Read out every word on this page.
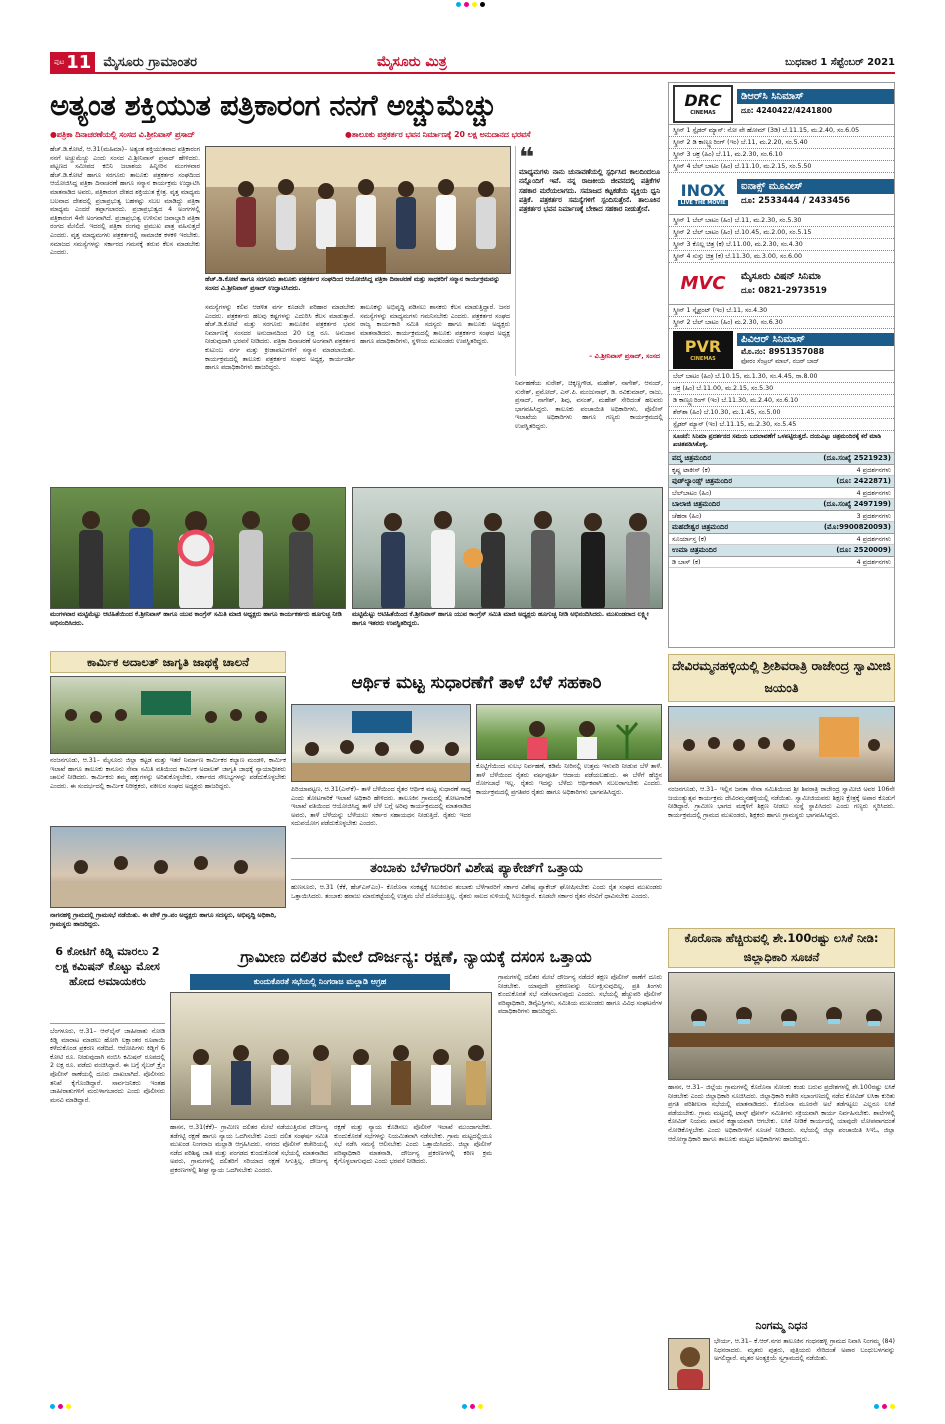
ಪುಟ 11 ಮೈಸೂರು ಗ್ರಾಮಾಂತರ	ಮೈಸೂರು ಮಿತ್ರ	ಬುಧವಾರ 1 ಸೆಪ್ಟೆಂಬರ್ 2021
ಅತ್ಯಂತ ಶಕ್ತಿಯುತ ಪತ್ರಿಕಾರಂಗ ನನಗೆ ಅಚ್ಚುಮೆಚ್ಚು
●ಪತ್ರಿಕಾ ದಿನಾಚರಣೆಯಲ್ಲಿ ಸಂಸದ ವಿ.ಶ್ರೀನಿವಾಸ್ ಪ್ರಸಾದ್	●ತಾಲೂಕು ಪತ್ರಕರ್ತರ ಭವನ ನಿರ್ಮಾಣಕ್ಕೆ 20 ಲಕ್ಷ ಅನುದಾನದ ಭರವಸೆ
ಹೆಚ್.ಡಿ.ಕೋಟೆ, ಆ.31(ಮಹಿಮಾ)– ಅತ್ಯಂತ ಶಕ್ತಿಯುತವಾದ ಪತ್ರಿಕಾರಂಗ ನನಗೆ ಅಚ್ಚುಮೆಚ್ಚು ಎಂದು ಸಂಸದ ವಿ.ಶ್ರೀನಿವಾಸ್ ಪ್ರಸಾದ್ ಹೇಳಿದರು. ಪಟ್ಟಣದ ಸಮೀಪದ ಕಬಿನಿ ಜಲಾಶಯ ಹಿನ್ನೀರಿನ ಮಂಗಳವಾರ ಹೆಚ್.ಡಿ.ಕೋಟೆ ಹಾಗೂ ಸರಗೂರು ತಾಲೂಕು ಪತ್ರಕರ್ತರ ಸಂಘದಿಂದ ಆಯೋಜಿಸಿದ್ದ ಪತ್ರಿಕಾ ದಿನಾಚರಣೆ ಹಾಗೂ ಸನ್ಮಾನ ಕಾರ್ಯಕ್ರಮ ಉದ್ಘಾಟಿಸಿ ಮಾತನಾಡಿದ ಅವರು, ಪತ್ರಿಕಾರಂಗ ದೇಶದ ಶಕ್ತಿಯುತ ಕ್ಷೇತ್ರ. ವೃತ್ತ ಮಾಧ್ಯಮ ಬಲವಾದ ದೇಶದಲ್ಲಿ ಪ್ರಜಾಪ್ರಭುತ್ವ ಬಹಳಷ್ಟು ಸಬಲ ಮಾಡಿದ್ದು ಪತ್ರಿಕಾ ಮಾಧ್ಯಮ ಎಂದರೆ ತಪ್ಪಾಗಲಾರದು. ಪ್ರಜಾಪ್ರಭುತ್ವದ 4 ಅಂಗಗಳಲ್ಲಿ ಪತ್ರಿಕಾರಂಗ 4ನೇ ಅಂಗವಾಗಿದೆ. ಪ್ರಜಾಪ್ರಭುತ್ವ ಉಳಿಸುವ ಜವಾಬ್ದಾರಿ ಪತ್ರಿಕಾ ರಂಗದ ಮೇಲಿದೆ. ಇದರಲ್ಲಿ ಪತ್ರಿಕಾ ರಂಗವು ಪ್ರಮುಖ ಪಾತ್ರ ವಹಿಸುತ್ತದೆ ಎಂದರು. ವೃತ್ತ ಮಾಧ್ಯಮಗಳು ಪತ್ರಕರ್ತರಲ್ಲಿ ಸಾಮಾಜಿಕ ಕಳಕಳಿ ಇರಬೇಕು. ಸಮಾಜದ ಸಮಸ್ಯೆಗಳನ್ನು ಸರ್ಕಾರದ ಗಮನಕ್ಕೆ ತರುವ ಕೆಲಸ ಮಾಡಬೇಕು ಎಂದರು.
ಹೆಚ್.ಡಿ.ಕೋಟೆ ಹಾಗೂ ಸರಗೂರು ತಾಲೂಕು ಪತ್ರಕರ್ತರ ಸಂಘದಿಂದ ಆಯೋಜಿಸಿದ್ದ ಪತ್ರಿಕಾ ದಿನಾಚರಣೆ ಮತ್ತು ಸಾಧಕರಿಗೆ ಸನ್ಮಾನ ಕಾರ್ಯಕ್ರಮವನ್ನು ಸಂಸದ ವಿ.ಶ್ರೀನಿವಾಸ್ ಪ್ರಸಾದ್ ಉದ್ಘಾಟಿಸಿದರು.
❝
ಮಾಧ್ಯಮಗಳು ನಾನು ಚುನಾವಣೆಯಲ್ಲಿ ಸ್ಪರ್ಧಿಸಿದ ಕಾಲದಿಂದಲೂ ನನ್ನೊಂದಿಗೆ ಇವೆ. ನನ್ನ ರಾಜಕೀಯ ಜೀವನದಲ್ಲಿ ಪತ್ರಿಕೆಗಳ ಸಹಕಾರ ಮರೆಯಲಾಗದು. ಸಮಾಜದ ಕಟ್ಟಕಡೆಯ ವ್ಯಕ್ತಿಯ ಧ್ವನಿ ಪತ್ರಿಕೆ. ಪತ್ರಕರ್ತರ ಸಮಸ್ಯೆಗಳಿಗೆ ಸ್ಪಂದಿಸುತ್ತೇನೆ. ತಾಲೂಕಿನ ಪತ್ರಕರ್ತರ ಭವನ ನಿರ್ಮಾಣಕ್ಕೆ ಬೇಕಾದ ಸಹಕಾರ ನೀಡುತ್ತೇನೆ.
– ವಿ.ಶ್ರೀನಿವಾಸ್ ಪ್ರಸಾದ್, ಸಂಸದ
ಸಮಸ್ಯೆಗಳನ್ನು ಕಲಿವ ಆಡಳಿತ ವರ್ಗ ಕೂಡಲೇ ಪರಿಹಾರ ಮಾಡಬೇಕು ಎಂದರು. ಪತ್ರಕರ್ತರು ಹಲವು ಕಷ್ಟಗಳನ್ನು ಎದುರಿಸಿ ಕೆಲಸ ಮಾಡುತ್ತಾರೆ. ಹೆಚ್.ಡಿ.ಕೋಟೆ ಮತ್ತು ಸರಗೂರು ತಾಲೂಕಿನ ಪತ್ರಕರ್ತರ ಭವನ ನಿರ್ಮಾಣಕ್ಕೆ ಸಂಸದರ ಅನುದಾನದಿಂದ 20 ಲಕ್ಷ ರೂ. ಅನುದಾನ ನೀಡುವುದಾಗಿ ಭರವಸೆ ನೀಡಿದರು. ಪತ್ರಿಕಾ ದಿನಾಚರಣೆ ಅಂಗವಾಗಿ ಪತ್ರಕರ್ತರ ಕುಟುಂಬ ವರ್ಗ ಮತ್ತು ಕ್ರೀಡಾಪಟುಗಳಿಗೆ ಸನ್ಮಾನ ಮಾಡಲಾಯಿತು. ಕಾರ್ಯಕ್ರಮದಲ್ಲಿ ತಾಲೂಕು ಪತ್ರಕರ್ತರ ಸಂಘದ ಅಧ್ಯಕ್ಷ, ಕಾರ್ಯದರ್ಶಿ ಹಾಗೂ ಪದಾಧಿಕಾರಿಗಳು ಹಾಜರಿದ್ದರು.
ತಾಲೂಕನ್ನು ಅಭಿವೃದ್ಧಿ ಪಡಿಸಲು ಶಾಸಕರು ಕೆಲಸ ಮಾಡುತ್ತಿದ್ದಾರೆ. ಜನರ ಸಮಸ್ಯೆಗಳನ್ನು ಮಾಧ್ಯಮಗಳು ಗಮನಿಸಬೇಕು ಎಂದರು. ಪತ್ರಕರ್ತರ ಸಂಘದ ರಾಜ್ಯ ಕಾರ್ಯಕಾರಿ ಸಮಿತಿ ಸದಸ್ಯರು ಹಾಗೂ ತಾಲೂಕು ಅಧ್ಯಕ್ಷರು ಮಾತನಾಡಿದರು. ಕಾರ್ಯಕ್ರಮದಲ್ಲಿ ತಾಲೂಕು ಪತ್ರಕರ್ತರ ಸಂಘದ ಅಧ್ಯಕ್ಷ ಹಾಗೂ ಪದಾಧಿಕಾರಿಗಳು, ಸ್ಥಳೀಯ ಮುಖಂಡರು ಉಪಸ್ಥಿತರಿದ್ದರು.
ನಿರ್ವಹಣೆಯ ಸುರೇಶ್, ಚಿಕ್ಕಣ್ಣಗೌಡ, ಮಹೇಶ್, ನಾಗೇಶ್, ಆನಂದ್, ಸುರೇಶ್, ಪ್ರಮೋದ್, ಎಸ್.ಪಿ. ಮಂಜುನಾಥ್, ಡಿ. ರವಿಕುಮಾರ್, ರಾಜು, ಪ್ರಸಾದ್, ನಾಗೇಶ್, ಶಿವು, ವಸಂತ್, ಮಹೇಶ್ ಸೇರಿದಂತೆ ಹಲವರು ಭಾಗವಹಿಸಿದ್ದರು. ತಾಲೂಕು ಪಂಚಾಯಿತಿ ಅಧಿಕಾರಿಗಳು, ಪೊಲೀಸ್ ಇಲಾಖೆಯ ಅಧಿಕಾರಿಗಳು ಹಾಗೂ ಗಣ್ಯರು ಕಾರ್ಯಕ್ರಮದಲ್ಲಿ ಉಪಸ್ಥಿತರಿದ್ದರು.
ಮಂಗಳವಾರ ಮಟ್ಟಿಮೆಟ್ಟು ಆಟಿಹಿತೆಯಿಂದ ಕೆ.ಶ್ರೀನಿವಾಸ್ ಹಾಗೂ ಯುವ ಕಾಂಗ್ರೆಸ್ ಸಮಿತಿ ಮಾಜಿ ಅಧ್ಯಕ್ಷರು ಹಾಗೂ ಕಾರ್ಯಕರ್ತರು ಹೂಗುಚ್ಛ ನೀಡಿ ಅಭಿನಂದಿಸಿದರು.
ಮಟ್ಟಿಮೆಟ್ಟು ಆಟಿಹಿತೆಯಿಂದ ಕೆ.ಶ್ರೀನಿವಾಸ್ ಹಾಗೂ ಯುವ ಕಾಂಗ್ರೆಸ್ ಸಮಿತಿ ಮಾಜಿ ಅಧ್ಯಕ್ಷರು ಹೂಗುಚ್ಛ ನೀಡಿ ಅಭಿನಂದಿಸಿದರು. ಮುಖಂಡರಾದ ಲಕ್ಷ್ಮೀ ಹಾಗೂ ಇತರರು ಉಪಸ್ಥಿತರಿದ್ದರು.
ಕಾರ್ಮಿಕ ಅದಾಲತ್ ಜಾಗೃತಿ ಜಾಥಕ್ಕೆ ಚಾಲನೆ
ನಂಜನಗೂಡು, ಆ.31– ಮೈಸೂರು ಜಿಲ್ಲಾ ಕಟ್ಟಡ ಮತ್ತು ಇತರೆ ನಿರ್ಮಾಣ ಕಾರ್ಮಿಕರ ಕಲ್ಯಾಣ ಮಂಡಳಿ, ಕಾರ್ಮಿಕ ಇಲಾಖೆ ಹಾಗೂ ತಾಲೂಕು ಕಾನೂನು ಸೇವಾ ಸಮಿತಿ ವತಿಯಿಂದ ಕಾರ್ಮಿಕ ಅದಾಲತ್ ಜಾಗೃತಿ ಜಾಥಕ್ಕೆ ನ್ಯಾಯಾಧೀಶರು ಚಾಲನೆ ನೀಡಿದರು. ಕಾರ್ಮಿಕರು ತಮ್ಮ ಹಕ್ಕುಗಳನ್ನು ಅರಿತುಕೊಳ್ಳಬೇಕು, ಸರ್ಕಾರದ ಸೌಲಭ್ಯಗಳನ್ನು ಪಡೆದುಕೊಳ್ಳಬೇಕು ಎಂದರು. ಈ ಸಂದರ್ಭದಲ್ಲಿ ಕಾರ್ಮಿಕ ನಿರೀಕ್ಷಕರು, ವಕೀಲರ ಸಂಘದ ಅಧ್ಯಕ್ಷರು ಹಾಜರಿದ್ದರು.
ಆರ್ಥಿಕ ಮಟ್ಟ ಸುಧಾರಣೆಗೆ ತಾಳೆ ಬೆಳೆ ಸಹಕಾರಿ
ಪಿರಿಯಾಪಟ್ಟಣ, ಆ.31(ಎನ್‍ಕೆ)– ತಾಳೆ ಬೆಳೆಯಿಂದ ರೈತರ ಆರ್ಥಿಕ ಮಟ್ಟ ಸುಧಾರಣೆ ಸಾಧ್ಯ ಎಂದು ತೋಟಗಾರಿಕೆ ಇಲಾಖೆ ಅಧಿಕಾರಿ ಹೇಳಿದರು. ತಾಲೂಕಿನ ಗ್ರಾಮದಲ್ಲಿ ತೋಟಗಾರಿಕೆ ಇಲಾಖೆ ವತಿಯಿಂದ ಆಯೋಜಿಸಿದ್ದ ತಾಳೆ ಬೆಳೆ ಬಗ್ಗೆ ಅರಿವು ಕಾರ್ಯಕ್ರಮದಲ್ಲಿ ಮಾತನಾಡಿದ ಅವರು, ತಾಳೆ ಬೆಳೆಯನ್ನು ಬೆಳೆಯಲು ಸರ್ಕಾರ ಸಹಾಯಧನ ನೀಡುತ್ತಿದೆ. ರೈತರು ಇದರ ಸದುಪಯೋಗ ಪಡೆದುಕೊಳ್ಳಬೇಕು ಎಂದರು.
ಕೊಟ್ಟಿಗೆಯಿಂದ ಸುಲಭ ನಿರ್ವಹಣೆ, ಕಡಿಮೆ ನೀರಿನಲ್ಲಿ ಉತ್ತಮ ಇಳುವರಿ ನೀಡುವ ಬೆಳೆ ತಾಳೆ. ತಾಳೆ ಬೆಳೆಯಿಂದ ರೈತರು ವರ್ಷಪೂರ್ತಿ ಆದಾಯ ಪಡೆಯಬಹುದು. ಈ ಬೆಳೆಗೆ ಹೆಚ್ಚಿನ ರೋಗಬಾಧೆ ಇಲ್ಲ. ರೈತರು ಇದನ್ನು ಬೆಳೆದು ಆರ್ಥಿಕವಾಗಿ ಸಬಲರಾಗಬೇಕು ಎಂದರು. ಕಾರ್ಯಕ್ರಮದಲ್ಲಿ ಪ್ರಗತಿಪರ ರೈತರು ಹಾಗೂ ಅಧಿಕಾರಿಗಳು ಭಾಗವಹಿಸಿದ್ದರು.
ತಂಬಾಕು ಬೆಳೆಗಾರರಿಗೆ ವಿಶೇಷ ಪ್ಯಾಕೇಜ್‍ಗೆ ಒತ್ತಾಯ
ಹುಣಸೂರು, ಆ.31 (ಕೆಕೆ, ಹೆಚ್‍ಎಸ್‍ಎಂ)– ಕೊರೊನಾ ಸಂಕಷ್ಟಕ್ಕೆ ಸಿಲುಕಿರುವ ತಂಬಾಕು ಬೆಳೆಗಾರರಿಗೆ ಸರ್ಕಾರ ವಿಶೇಷ ಪ್ಯಾಕೇಜ್ ಘೋಷಿಸಬೇಕು ಎಂದು ರೈತ ಸಂಘದ ಮುಖಂಡರು ಒತ್ತಾಯಿಸಿದರು. ತಂಬಾಕು ಹರಾಜು ಮಾರುಕಟ್ಟೆಯಲ್ಲಿ ಉತ್ತಮ ಬೆಲೆ ದೊರೆಯುತ್ತಿಲ್ಲ. ರೈತರು ಸಾಲದ ಸುಳಿಯಲ್ಲಿ ಸಿಲುಕಿದ್ದಾರೆ. ಕೂಡಲೇ ಸರ್ಕಾರ ರೈತರ ನೆರವಿಗೆ ಧಾವಿಸಬೇಕು ಎಂದರು.
ನಾಗನಹಳ್ಳಿ ಗ್ರಾಮದಲ್ಲಿ ಗ್ರಾಮಸಭೆ ನಡೆಯಿತು. ಈ ವೇಳೆ ಗ್ರಾ.ಪಂ ಅಧ್ಯಕ್ಷರು ಹಾಗೂ ಸದಸ್ಯರು, ಅಭಿವೃದ್ಧಿ ಅಧಿಕಾರಿ, ಗ್ರಾಮಸ್ಥರು ಹಾಜರಿದ್ದರು.
ದೇವಿರಮ್ಮನಹಳ್ಳಿಯಲ್ಲಿ ಶ್ರೀಶಿವರಾತ್ರಿ ರಾಜೇಂದ್ರ ಸ್ವಾಮೀಜಿ ಜಯಂತಿ
ನಂಜನಗೂಡು, ಆ.31– ಇಲ್ಲಿನ ಜನತಾ ಸೇವಾ ಸಮಿತಿಯಿಂದ ಶ್ರೀ ಶಿವರಾತ್ರಿ ರಾಜೇಂದ್ರ ಸ್ವಾಮೀಜಿ ಅವರ 106ನೇ ಜಯಂತ್ಯುತ್ಸವ ಕಾರ್ಯಕ್ರಮ ದೇವಿರಮ್ಮನಹಳ್ಳಿಯಲ್ಲಿ ನಡೆಯಿತು. ಸ್ವಾಮೀಜಿಯವರು ಶಿಕ್ಷಣ ಕ್ಷೇತ್ರಕ್ಕೆ ಅಪಾರ ಕೊಡುಗೆ ನೀಡಿದ್ದಾರೆ. ಗ್ರಾಮೀಣ ಭಾಗದ ಮಕ್ಕಳಿಗೆ ಶಿಕ್ಷಣ ನೀಡಲು ಸಂಸ್ಥೆ ಸ್ಥಾಪಿಸಿದರು ಎಂದು ಗಣ್ಯರು ಸ್ಮರಿಸಿದರು. ಕಾರ್ಯಕ್ರಮದಲ್ಲಿ ಗ್ರಾಮದ ಮುಖಂಡರು, ಶಿಕ್ಷಕರು ಹಾಗೂ ಗ್ರಾಮಸ್ಥರು ಭಾಗವಹಿಸಿದ್ದರು.
ಕೊರೊನಾ ಹೆಚ್ಚಿರುವಲ್ಲಿ ಶೇ.100ರಷ್ಟು ಲಸಿಕೆ ನೀಡಿ: ಜಿಲ್ಲಾಧಿಕಾರಿ ಸೂಚನೆ
ಹಾಸನ, ಆ.31– ಜಿಲ್ಲೆಯ ಗ್ರಾಮಗಳಲ್ಲಿ ಕೊರೊನಾ ಸೋಂಕು ಕಂಡು ಬರುವ ಪ್ರದೇಶಗಳಲ್ಲಿ ಶೇ.100ರಷ್ಟು ಲಸಿಕೆ ನೀಡಬೇಕು ಎಂದು ಜಿಲ್ಲಾಧಿಕಾರಿ ಸೂಚಿಸಿದರು. ಜಿಲ್ಲಾಧಿಕಾರಿ ಕಚೇರಿ ಸಭಾಂಗಣದಲ್ಲಿ ನಡೆದ ಕೋವಿಡ್ ಲಸಿಕಾ ಕುರಿತು ಪ್ರಗತಿ ಪರಿಶೀಲನಾ ಸಭೆಯಲ್ಲಿ ಮಾತನಾಡಿದರು. ಕೊರೊನಾ ಮೂರನೇ ಅಲೆ ತಡೆಗಟ್ಟಲು ಎಲ್ಲರೂ ಲಸಿಕೆ ಪಡೆಯಬೇಕು. ಗ್ರಾಮ ಮಟ್ಟದಲ್ಲಿ ಟಾಸ್ಕ್ ಫೋರ್ಸ್ ಸಮಿತಿಗಳು ಸಕ್ರಿಯವಾಗಿ ಕಾರ್ಯ ನಿರ್ವಹಿಸಬೇಕು. ಶಾಲೆಗಳಲ್ಲಿ ಕೋವಿಡ್ ನಿಯಮ ಪಾಲನೆ ಕಡ್ಡಾಯವಾಗಿ ಆಗಬೇಕು. ಲಸಿಕೆ ನೀಡಿಕೆ ಕಾರ್ಯದಲ್ಲಿ ಯಾವುದೇ ಲೋಪವಾಗದಂತೆ ನೋಡಿಕೊಳ್ಳಬೇಕು ಎಂದು ಅಧಿಕಾರಿಗಳಿಗೆ ಸೂಚನೆ ನೀಡಿದರು. ಸಭೆಯಲ್ಲಿ ಜಿಲ್ಲಾ ಪಂಚಾಯಿತಿ ಸಿಇಓ, ಜಿಲ್ಲಾ ಆರೋಗ್ಯಾಧಿಕಾರಿ ಹಾಗೂ ತಾಲೂಕು ಮಟ್ಟದ ಅಧಿಕಾರಿಗಳು ಹಾಜರಿದ್ದರು.
ನಿಂಗಮ್ಮ ನಿಧನ
ಭೇರ್ಯ, ಆ.31– ಕೆ.ಆರ್.ನಗರ ತಾಲೂಕಿನ ಗಂಧನಹಳ್ಳಿ ಗ್ರಾಮದ ನಿವಾಸಿ ನಿಂಗಮ್ಮ (84) ನಿಧನರಾದರು. ಮೃತರು ಪುತ್ರರು, ಪುತ್ರಿಯರು ಸೇರಿದಂತೆ ಅಪಾರ ಬಂಧುಬಳಗವನ್ನು ಅಗಲಿದ್ದಾರೆ. ಮೃತರ ಅಂತ್ಯಕ್ರಿಯೆ ಸ್ವಗ್ರಾಮದಲ್ಲಿ ನಡೆಯಿತು.
6 ಕೋಟಿಗೆ ಕಿಡ್ನಿ ಮಾರಲು 2 ಲಕ್ಷ ಕಮಿಷನ್ ಕೊಟ್ಟು ಮೋಸ ಹೋದ ಅಮಾಯಕರು
ಬೆಂಗಳೂರು, ಆ.31– ಆನ್‍ಲೈನ್ ಜಾಹೀರಾತು ನೋಡಿ ಕಿಡ್ನಿ ಮಾರಾಟ ಮಾಡಲು ಹೋಗಿ ಲಕ್ಷಾಂತರ ರೂಪಾಯಿ ಕಳೆದುಕೊಂಡ ಪ್ರಕರಣ ನಡೆದಿದೆ. ಆರೋಪಿಗಳು ಕಿಡ್ನಿಗೆ 6 ಕೋಟಿ ರೂ. ನೀಡುವುದಾಗಿ ನಂಬಿಸಿ ಕಮಿಷನ್ ರೂಪದಲ್ಲಿ 2 ಲಕ್ಷ ರೂ. ಪಡೆದು ವಂಚಿಸಿದ್ದಾರೆ. ಈ ಬಗ್ಗೆ ಸೈಬರ್ ಕ್ರೈಂ ಪೊಲೀಸ್ ಠಾಣೆಯಲ್ಲಿ ದೂರು ದಾಖಲಾಗಿದೆ. ಪೊಲೀಸರು ತನಿಖೆ ಕೈಗೊಂಡಿದ್ದಾರೆ. ಸಾರ್ವಜನಿಕರು ಇಂತಹ ಜಾಹೀರಾತುಗಳಿಗೆ ಮರುಳಾಗಬಾರದು ಎಂದು ಪೊಲೀಸರು ಮನವಿ ಮಾಡಿದ್ದಾರೆ.
ಗ್ರಾಮೀಣ ದಲಿತರ ಮೇಲೆ ದೌರ್ಜನ್ಯ: ರಕ್ಷಣೆ, ನ್ಯಾಯಕ್ಕೆ ದಸಂಸ ಒತ್ತಾಯ
ಕುಂದುಕೊರತೆ ಸಭೆಯಲ್ಲಿ ನಿಂಗರಾಜ ಮಲ್ಲಾಡಿ ಆಗ್ರಹ
ಹಾಸನ, ಆ.31(ಕೆಕೆ)– ಗ್ರಾಮೀಣ ದಲಿತರ ಮೇಲೆ ನಡೆಯುತ್ತಿರುವ ದೌರ್ಜನ್ಯ ತಡೆಗಟ್ಟಿ ರಕ್ಷಣೆ ಹಾಗೂ ನ್ಯಾಯ ಒದಗಿಸಬೇಕು ಎಂದು ದಲಿತ ಸಂಘರ್ಷ ಸಮಿತಿ ಮುಖಂಡ ನಿಂಗರಾಜ ಮಲ್ಲಾಡಿ ಆಗ್ರಹಿಸಿದರು. ನಗರದ ಪೊಲೀಸ್ ಕಚೇರಿಯಲ್ಲಿ ನಡೆದ ಪರಿಶಿಷ್ಟ ಜಾತಿ ಮತ್ತು ಪಂಗಡದ ಕುಂದುಕೊರತೆ ಸಭೆಯಲ್ಲಿ ಮಾತನಾಡಿದ ಅವರು, ಗ್ರಾಮಗಳಲ್ಲಿ ದಲಿತರಿಗೆ ಸರಿಯಾದ ರಕ್ಷಣೆ ಸಿಗುತ್ತಿಲ್ಲ. ದೌರ್ಜನ್ಯ ಪ್ರಕರಣಗಳಲ್ಲಿ ಶೀಘ್ರ ನ್ಯಾಯ ಒದಗಿಸಬೇಕು ಎಂದರು.
ರಕ್ಷಣೆ ಮತ್ತು ನ್ಯಾಯ ಕೊಡಿಸಲು ಪೊಲೀಸ್ ಇಲಾಖೆ ಮುಂದಾಗಬೇಕು. ಕುಂದುಕೊರತೆ ಸಭೆಗಳನ್ನು ನಿಯಮಿತವಾಗಿ ನಡೆಸಬೇಕು. ಗ್ರಾಮ ಮಟ್ಟದಲ್ಲಿಯೂ ಸಭೆ ನಡೆಸಿ ಸಮಸ್ಯೆ ಆಲಿಸಬೇಕು ಎಂದು ಒತ್ತಾಯಿಸಿದರು. ಜಿಲ್ಲಾ ಪೊಲೀಸ್ ವರಿಷ್ಠಾಧಿಕಾರಿ ಮಾತನಾಡಿ, ದೌರ್ಜನ್ಯ ಪ್ರಕರಣಗಳಲ್ಲಿ ಕಠಿಣ ಕ್ರಮ ಕೈಗೊಳ್ಳಲಾಗುವುದು ಎಂದು ಭರವಸೆ ನೀಡಿದರು.
ಗ್ರಾಮಗಳಲ್ಲಿ ದಲಿತರ ಮೇಲೆ ದೌರ್ಜನ್ಯ ನಡೆದರೆ ತಕ್ಷಣ ಪೊಲೀಸ್ ಠಾಣೆಗೆ ದೂರು ನೀಡಬೇಕು. ಯಾವುದೇ ಪ್ರಕರಣವನ್ನು ನಿರ್ಲಕ್ಷಿಸುವುದಿಲ್ಲ. ಪ್ರತಿ ತಿಂಗಳು ಕುಂದುಕೊರತೆ ಸಭೆ ನಡೆಸಲಾಗುವುದು ಎಂದರು. ಸಭೆಯಲ್ಲಿ ಹೆಚ್ಚುವರಿ ಪೊಲೀಸ್ ವರಿಷ್ಠಾಧಿಕಾರಿ, ಡಿವೈಎಸ್ಪಿಗಳು, ಸಮಿತಿಯ ಮುಖಂಡರು ಹಾಗೂ ವಿವಿಧ ಸಂಘಟನೆಗಳ ಪದಾಧಿಕಾರಿಗಳು ಹಾಜರಿದ್ದರು.
DRC
CINEMAS
ಡಿಆರ್‌ಸಿ ಸಿನಿಮಾಸ್
ದೂ: 4240422/4241800
ಸ್ಕ್ರೀನ್ 1 ಸ್ಪೈಡರ್ ಮ್ಯಾನ್: ನೋ ವೇ ಹೋಮ್ (3ಡಿ) ಬೆ.11.15, ಮ.2.40, ಸಂ.6.05
ಸ್ಕ್ರೀನ್ 2 ಡಿ ಕಾಣ್ಜ್ಯೂರಿಂಗ್ (ಇಂ) ಬೆ.11, ಮ.2.20, ಸಂ.5.40
ಸ್ಕ್ರೀನ್ 3 ಚಕ್ರ (ಹಿಂ) ಬೆ.11, ಮ.2.30, ಸಂ.6.10
ಸ್ಕ್ರೀನ್ 4 ಬೆಲ್‌ ಬಾಟಂ (ಹಿಂ) ಬೆ.11.10, ಮ.2.15, ಸಂ.5.50
INOX
LIVE THE MOVIE
ಐನಾಕ್ಸ್ ಮೂವೀಸ್
ದೂ: 2533444 / 2433456
ಸ್ಕ್ರೀನ್ 1 ಬೆಲ್‌ ಬಾಟಂ (ಹಿಂ) ಬೆ.11, ಮ.2.30, ಸಂ.5.30
ಸ್ಕ್ರೀನ್ 2 ಬೆಲ್ ಬಾಟಂ (ಹಿಂ) ಬೆ.10.45, ಮ.2.00, ಸಂ.5.15
ಸ್ಕ್ರೀನ್ 3 ಕೊಲ್ಲ ಚಿತ್ರ (ಕ) ಬೆ.11.00, ಮ.2.30, ಸಂ.4.30
ಸ್ಕ್ರೀನ್ 4 ಸುಸ್ತು ಚಿತ್ರ (ಕ) ಬೆ.11.30, ಮ.3.00, ಸಂ.6.00
MVC	ಮೈಸೂರು ವಿಷನ್ ಸಿನಿಮಾ
ದೂ: 0821-2973519
ಸ್ಕ್ರೀನ್ 1 ಸ್ಕೈಫ್ರಂಟ್ (ಇಂ) ಬೆ.11, ಸಂ.4.30
ಸ್ಕ್ರೀನ್ 2 ಬೆಲ್ ಬಾಟಂ (ಹಿಂ) ಮ.2.30, ಸಂ.6.30
PVR
CINEMAS
ಪಿವಿಆರ್ ಸಿನಿಮಾಸ್
ಮೊ.ನಂ: 8951357088
ಫೋರಂ ಸೆಂಟ್ರಲ್ ಮಾಲ್, ನಜರ್ ಬಾದ್
ಬೆಲ್ ಬಾಟಂ (ಹಿಂ) ಬೆ.10.15, ಮ.1.30, ಸಂ.4.45, ರಾ.8.00
ಚಕ್ರ (ಹಿಂ) ಬೆ.11.00, ಮ.2.15, ಸಂ.5.30
ಡಿ ಕಾಣ್ಜ್ಯೂರಿಂಗ್ (ಇಂ) ಬೆ.11.30, ಮ.2.40, ಸಂ.6.10
ಶೆರ್‌ಶಾ (ಹಿಂ) ಬೆ.10.30, ಮ.1.45, ಸಂ.5.00
ಸ್ಪೈಡರ್ ಮ್ಯಾನ್ (ಇಂ) ಬೆ.11.15, ಮ.2.30, ಸಂ.5.45
ಸೂಚನೆ: ಸಿನಿಮಾ ಪ್ರದರ್ಶನದ ಸಮಯ ಬದಲಾವಣೆಗೆ ಒಳಪಟ್ಟಿರುತ್ತದೆ. ದಯವಿಟ್ಟು ಚಿತ್ರಮಂದಿರಕ್ಕೆ ಕರೆ ಮಾಡಿ ಖಚಿತಪಡಿಸಿಕೊಳ್ಳಿ.
ಪದ್ಮ ಚಿತ್ರಮಂದಿರ	(ದೂ.ಸಂಖ್ಯೆ 2521923)
ಕೃಷ್ಣ ಟಾಕೀಸ್ (ಕ)	4 ಪ್ರದರ್ಶನಗಳು
ವುಡ್‌ಲ್ಯಾಂಡ್ಸ್ ಚಿತ್ರಮಂದಿರ	(ದೂ: 2422871)
ಬೆಲ್‌ಬಾಟಂ (ಹಿಂ)	4 ಪ್ರದರ್ಶನಗಳು
ಬಾಲಾಜಿ ಚಿತ್ರಮಂದಿರ	(ದೂ.ಸಂಖ್ಯೆ 2497199)
ಚೆಹರಾ (ಹಿಂ)	3 ಪ್ರದರ್ಶನಗಳು
ಮಹದೇಶ್ವರ ಚಿತ್ರಮಂದಿರ	(ಮೊ:9900820093)
ಸೂರ್ಯಾಸ್ತ (ಕ)	4 ಪ್ರದರ್ಶನಗಳು
ಉಮಾ ಚಿತ್ರಮಂದಿರ	(ದೂ: 2520009)
ಡಿ ಬಾಸ್ (ಕ)	4 ಪ್ರದರ್ಶನಗಳು
